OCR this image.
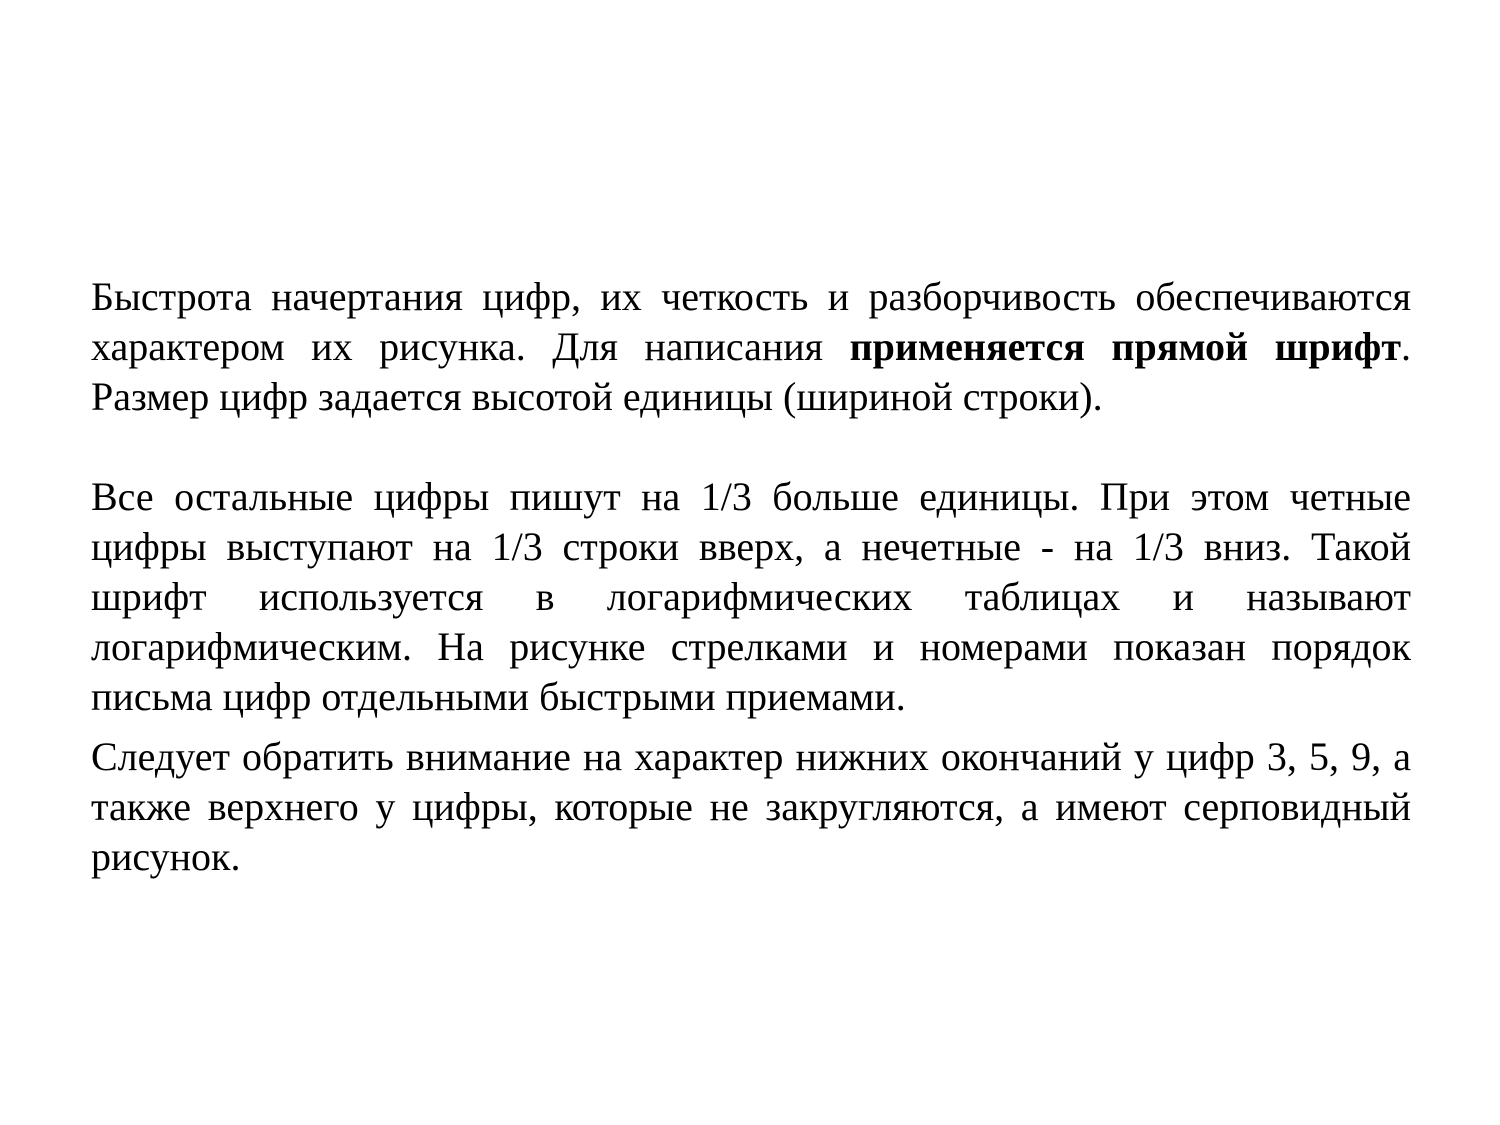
Быстрота начертания цифр, их четкость и разборчивость обеспечиваются характером их рисунка. Для написания применяется прямой шрифт. Размер цифр задается высотой единицы (шириной строки).

Все остальные цифры пишут на 1/3 больше единицы. При этом четные цифры выступают на 1/3 строки вверх, а нечетные - на 1/3 вниз. Такой шрифт используется в логарифмических таблицах и называют логарифмическим. На рисунке стрелками и номерами показан порядок письма цифр отдельными быстрыми приемами.

Следует обратить внимание на характер нижних окончаний у цифр 3, 5, 9, а также верхнего у цифры, которые не закругляются, а имеют серповидный рисунок.
